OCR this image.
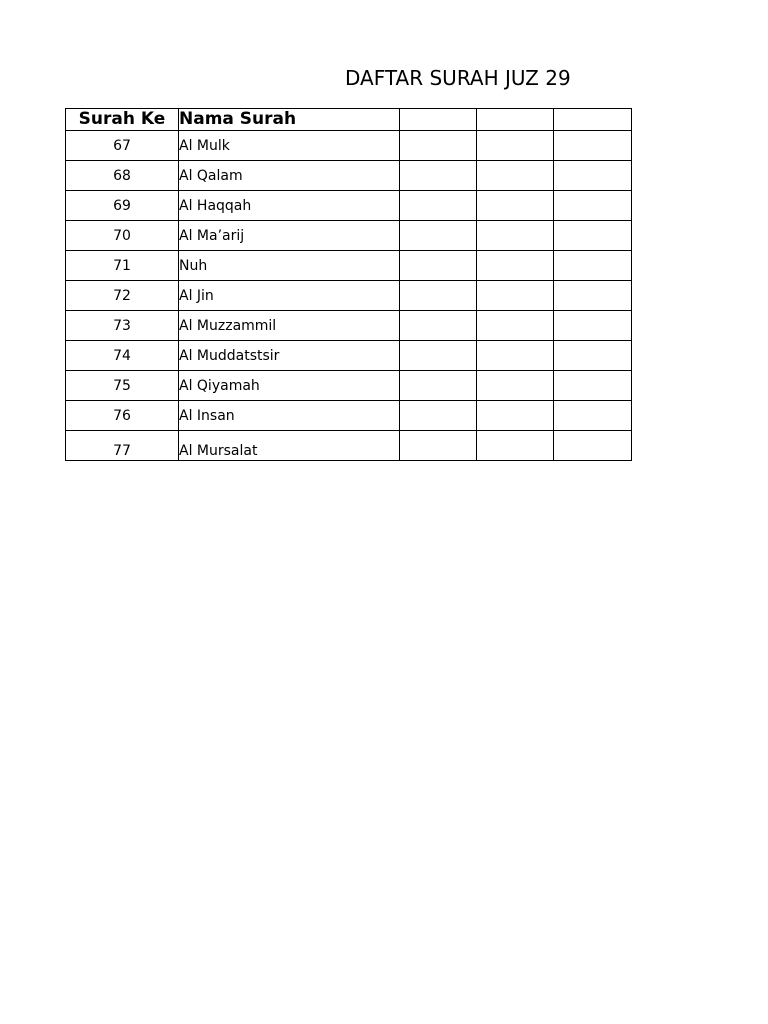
DAFTAR SURAH JUZ 29
Surah Ke	Nama Surah			
67	Al Mulk			
68	Al Qalam			
69	Al Haqqah			
70	Al Ma’arij			
71	Nuh			
72	Al Jin			
73	Al Muzzammil			
74	Al Muddatstsir			
75	Al Qiyamah			
76	Al Insan			
77	Al Mursalat			
